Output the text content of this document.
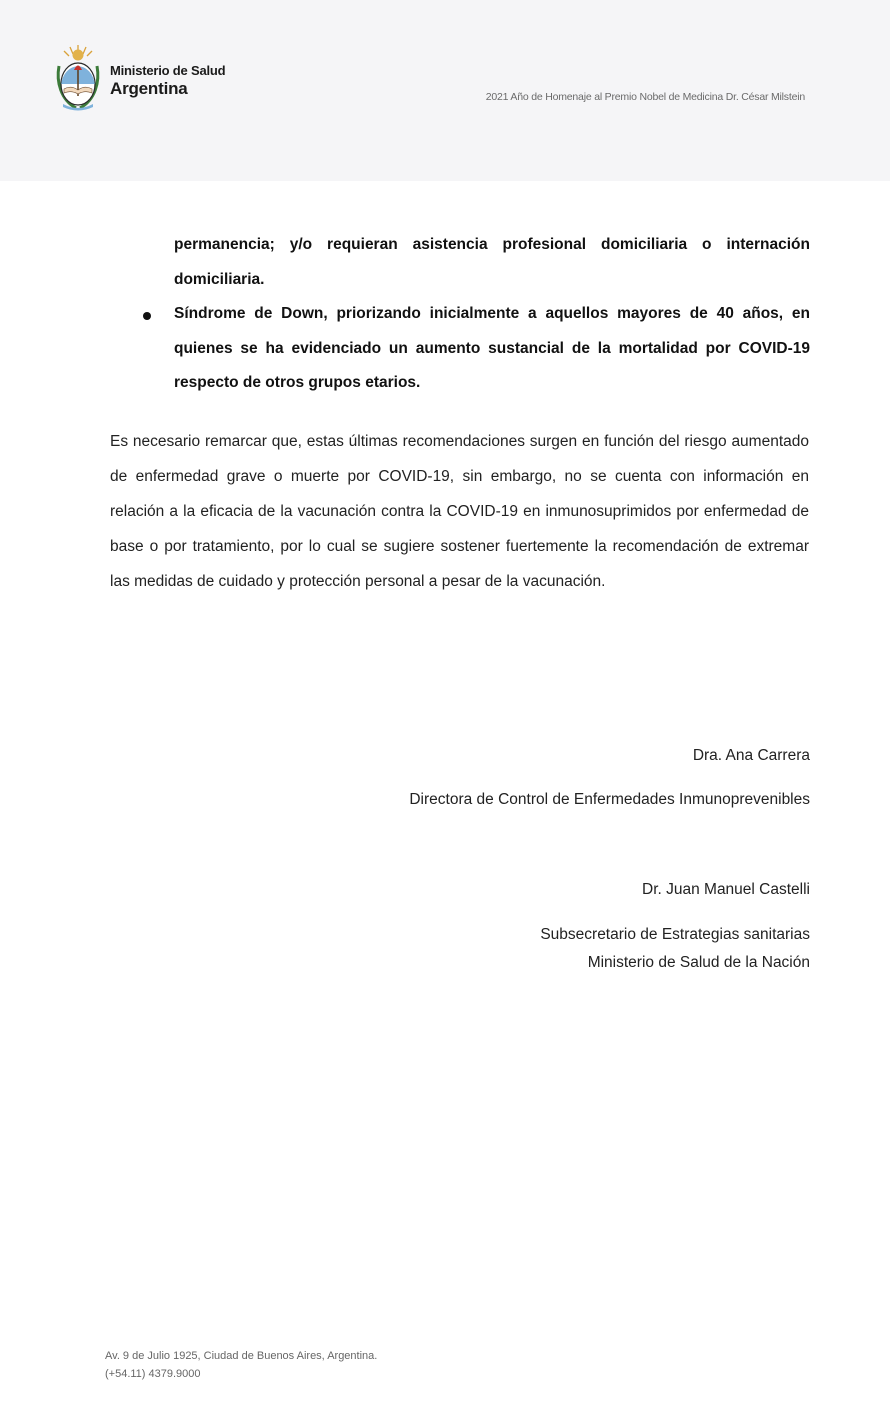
Ministerio de Salud
Argentina	2021 Año de Homenaje al Premio Nobel de Medicina Dr. César Milstein
permanencia; y/o requieran asistencia profesional domiciliaria o internación domiciliaria.
Síndrome de Down, priorizando inicialmente a aquellos mayores de 40 años, en quienes se ha evidenciado un aumento sustancial de la mortalidad por COVID-19 respecto de otros grupos etarios.
Es necesario remarcar que, estas últimas recomendaciones surgen en función del riesgo aumentado de enfermedad grave o muerte por COVID-19, sin embargo, no se cuenta con información en relación a la eficacia de la vacunación contra la COVID-19 en inmunosuprimidos por enfermedad de base o por tratamiento, por lo cual se sugiere sostener fuertemente la recomendación de extremar las medidas de cuidado y protección personal a pesar de la vacunación.
Dra. Ana Carrera
Directora de Control de Enfermedades Inmunoprevenibles
Dr. Juan Manuel Castelli
Subsecretario de Estrategias sanitarias
Ministerio de Salud de la Nación
Av. 9 de Julio 1925, Ciudad de Buenos Aires, Argentina.
(+54.11) 4379.9000
